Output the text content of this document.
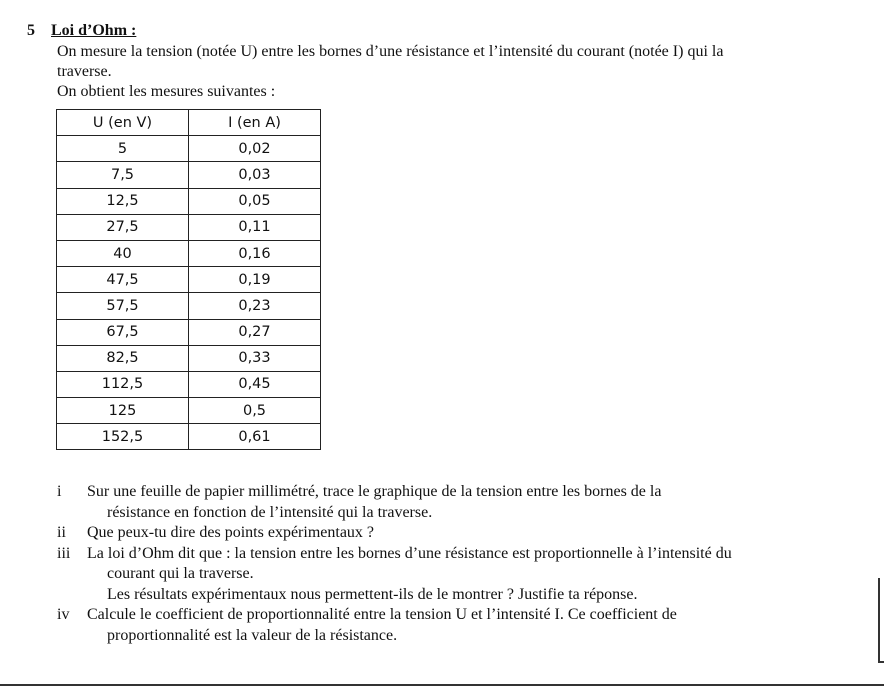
5 Loi d’Ohm :

On mesure la tension (notée U) entre les bornes d’une résistance et l’intensité du courant (notée I) qui la

traverse.

On obtient les mesures suivantes :

U (en V)	I (en A)
5	0,02
7,5	0,03
12,5	0,05
27,5	0,11
40	0,16
47,5	0,19
57,5	0,23
67,5	0,27
82,5	0,33
112,5	0,45
125	0,5
152,5	0,61
i	Sur une feuille de papier millimétré, trace le graphique de la tension entre les bornes de la
résistance en fonction de l’intensité qui la traverse.
ii	Que peux-tu dire des points expérimentaux ?
iii	La loi d’Ohm dit que : la tension entre les bornes d’une résistance est proportionnelle à l’intensité du
courant qui la traverse.
Les résultats expérimentaux nous permettent-ils de le montrer ? Justifie ta réponse.
iv	Calcule le coefficient de proportionnalité entre la tension U et l’intensité I. Ce coefficient de
proportionnalité est la valeur de la résistance.
